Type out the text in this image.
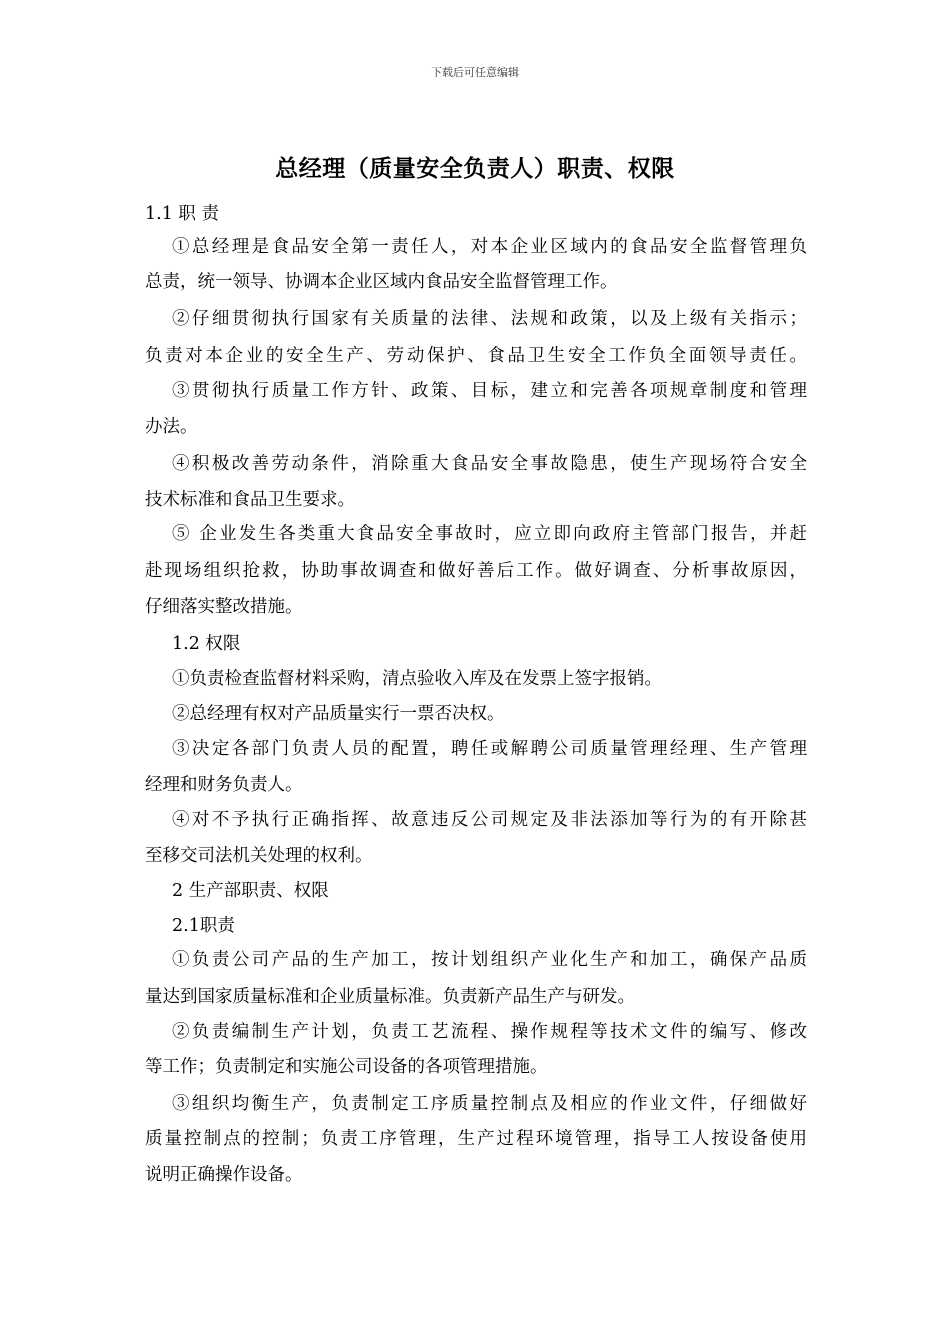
下载后可任意编辑
总经理（质量安全负责人）职责、权限
1.1 职 责
①总经理是食品安全第一责任人，对本企业区域内的食品安全监督管理负
总责，统一领导、协调本企业区域内食品安全监督管理工作。
②仔细贯彻执行国家有关质量的法律、法规和政策，以及上级有关指示；
负责对本企业的安全生产、劳动保护、食品卫生安全工作负全面领导责任。
③贯彻执行质量工作方针、政策、目标，建立和完善各项规章制度和管理
办法。
④积极改善劳动条件，消除重大食品安全事故隐患，使生产现场符合安全
技术标准和食品卫生要求。
⑤ 企业发生各类重大食品安全事故时，应立即向政府主管部门报告，并赶
赴现场组织抢救，协助事故调查和做好善后工作。做好调查、分析事故原因，
仔细落实整改措施。
1.2 权限
①负责检查监督材料采购，清点验收入库及在发票上签字报销。
②总经理有权对产品质量实行一票否决权。
③决定各部门负责人员的配置，聘任或解聘公司质量管理经理、生产管理
经理和财务负责人。
④对不予执行正确指挥、故意违反公司规定及非法添加等行为的有开除甚
至移交司法机关处理的权利。
2 生产部职责、权限
2.1职责
①负责公司产品的生产加工，按计划组织产业化生产和加工，确保产品质
量达到国家质量标准和企业质量标准。负责新产品生产与研发。
②负责编制生产计划，负责工艺流程、操作规程等技术文件的编写、修改
等工作；负责制定和实施公司设备的各项管理措施。
③组织均衡生产，负责制定工序质量控制点及相应的作业文件，仔细做好
质量控制点的控制；负责工序管理，生产过程环境管理，指导工人按设备使用
说明正确操作设备。
